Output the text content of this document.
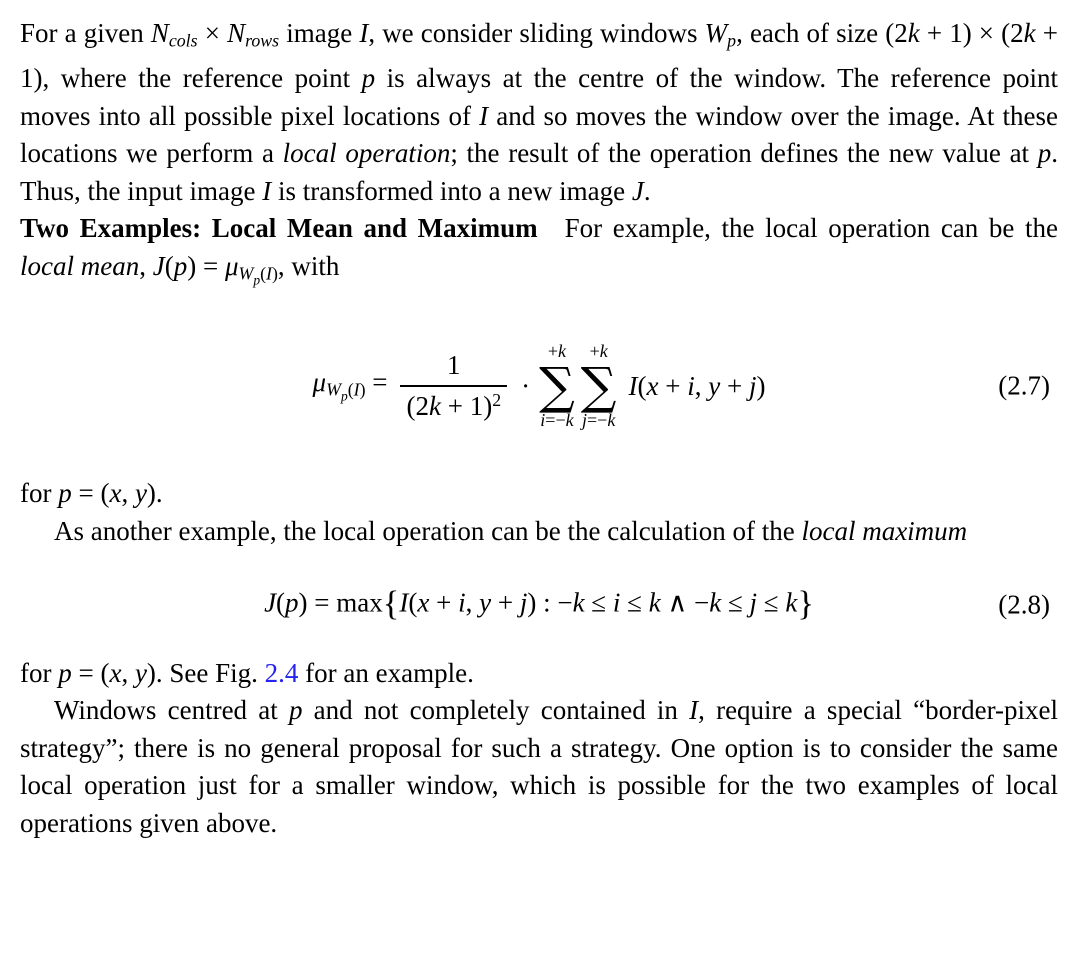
For a given Ncols × Nrows image I, we consider sliding windows Wp, each of size (2k + 1) × (2k + 1), where the reference point p is always at the centre of the window. The reference point moves into all possible pixel locations of I and so moves the window over the image. At these locations we perform a local operation; the result of the operation defines the new value at p. Thus, the input image I is transformed into a new image J.

Two Examples: Local Mean and Maximum  For example, the local operation can be the local mean, $J(p) = \mu W_p(I)$, with

$\mu W_p(I) = \frac{1}{(2k + 1)^2}$ ·
+k
∑
i=−k
+k
∑
j=−k
I(x + i, y + j)	(2.7)

for p = (x, y).

As another example, the local operation can be the calculation of the local maximum

J(p) = max{I(x + i, y + j) : −k ≤ i ≤ k ∧ −k ≤ j ≤ k}	(2.8)

for p = (x, y). See Fig. 2.4 for an example.

Windows centred at p and not completely contained in I, require a special “border-pixel strategy”; there is no general proposal for such a strategy. One option is to consider the same local operation just for a smaller window, which is possible for the two examples of local operations given above.
